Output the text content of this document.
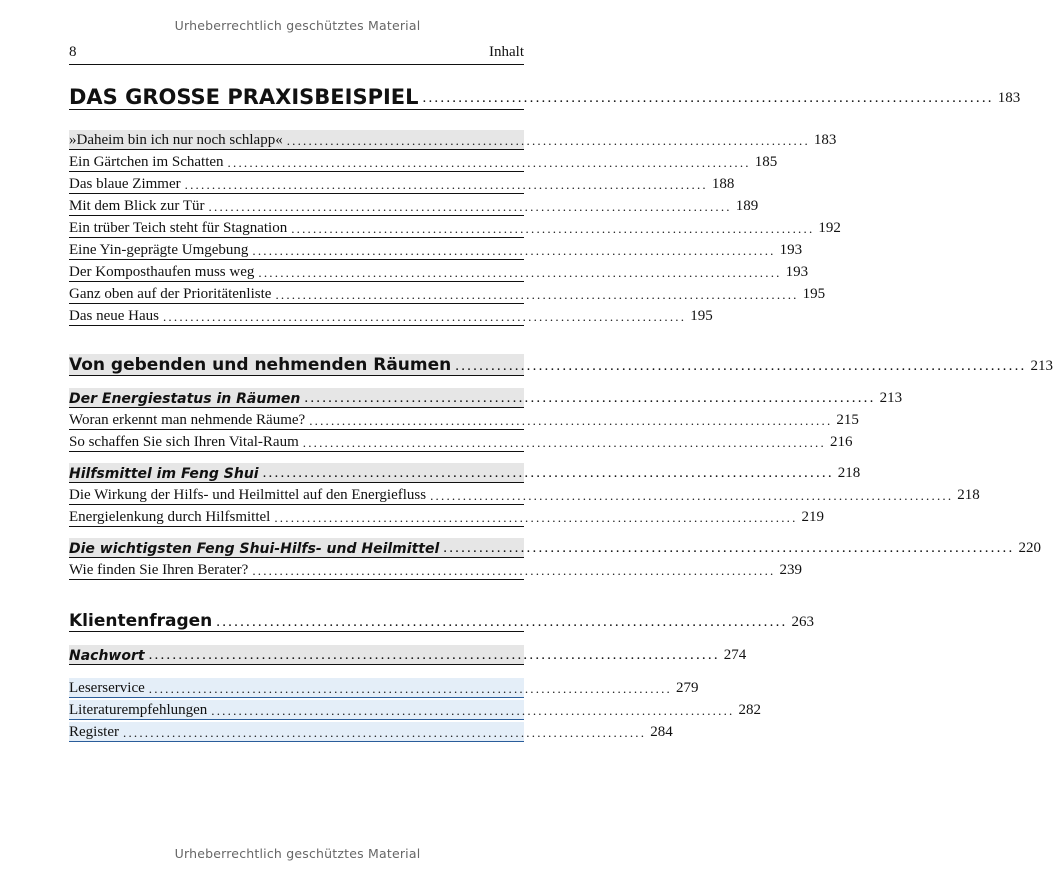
Urheberrechtlich geschütztes Material
8	Inhalt
DAS GROSSE PRAXISBEISPIEL ................................................................................................ 183
»Daheim bin ich nur noch schlapp« ................................................................................................ 183
Ein Gärtchen im Schatten ................................................................................................ 185
Das blaue Zimmer ................................................................................................ 188
Mit dem Blick zur Tür ................................................................................................ 189
Ein trüber Teich steht für Stagnation ................................................................................................ 192
Eine Yin-geprägte Umgebung ................................................................................................ 193
Der Komposthaufen muss weg ................................................................................................ 193
Ganz oben auf der Prioritätenliste ................................................................................................ 195
Das neue Haus ................................................................................................ 195
Von gebenden und nehmenden Räumen ................................................................................................ 213
Der Energiestatus in Räumen ................................................................................................ 213
Woran erkennt man nehmende Räume? ................................................................................................ 215
So schaffen Sie sich Ihren Vital-Raum ................................................................................................ 216
Hilfsmittel im Feng Shui ................................................................................................ 218
Die Wirkung der Hilfs- und Heilmittel auf den Energiefluss ................................................................................................ 218
Energielenkung durch Hilfsmittel ................................................................................................ 219
Die wichtigsten Feng Shui-Hilfs- und Heilmittel ................................................................................................ 220
Wie finden Sie Ihren Berater? ................................................................................................ 239
Klientenfragen ................................................................................................ 263
Nachwort ................................................................................................ 274
Leserservice ................................................................................................ 279
Literaturempfehlungen ................................................................................................ 282
Register ................................................................................................ 284
Urheberrechtlich geschütztes Material
